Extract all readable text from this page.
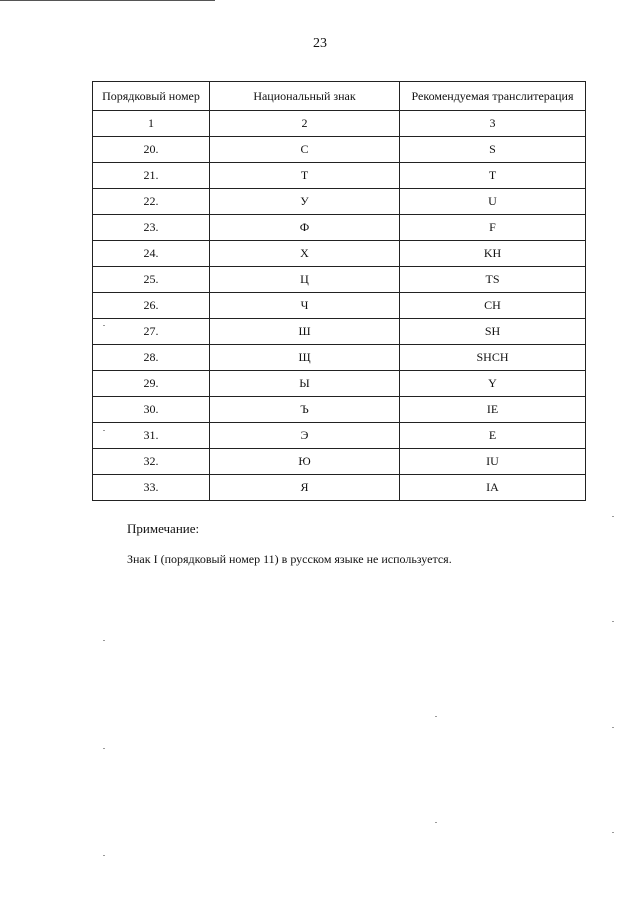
23
Порядковый номер	Национальный знак	Рекомендуемая транслитерация
1	2	3
20.	С	S
21.	Т	T
22.	У	U
23.	Ф	F
24.	Х	KH
25.	Ц	TS
26.	Ч	CH
27.	Ш	SH
28.	Щ	SHCH
29.	Ы	Y
30.	Ъ	IE
31.	Э	E
32.	Ю	IU
33.	Я	IA
Примечание:
Знак I (порядковый номер 11) в русском языке не используется.
